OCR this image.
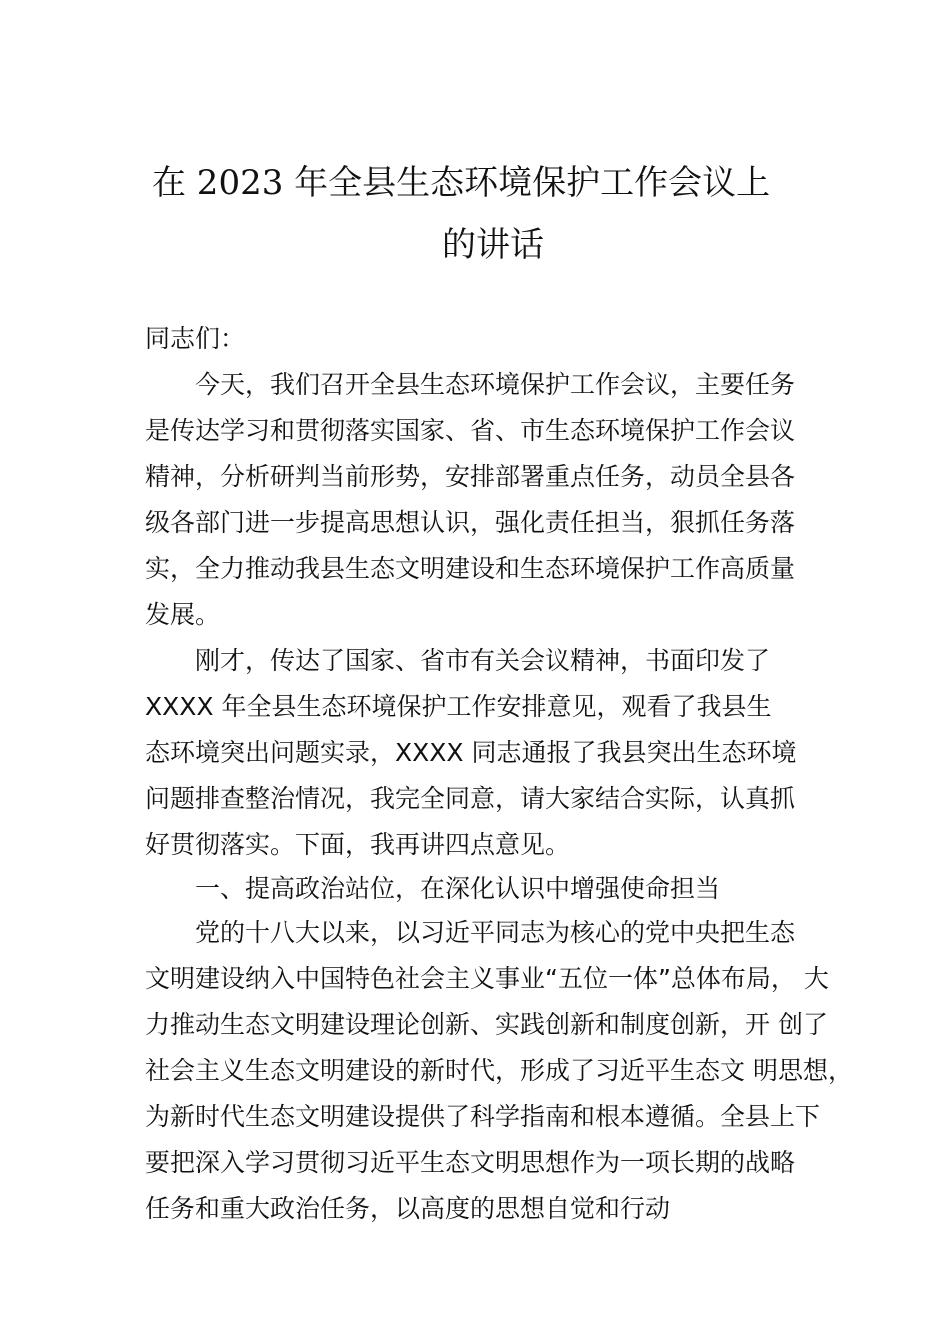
在 2023 年全县生态环境保护工作会议上
的讲话

同志们：

今天，我们召开全县生态环境保护工作会议，主要任务

是传达学习和贯彻落实国家、省、市生态环境保护工作会议

精神，分析研判当前形势，安排部署重点任务，动员全县各

级各部门进一步提高思想认识，强化责任担当，狠抓任务落

实，全力推动我县生态文明建设和生态环境保护工作高质量

发展。

刚才，传达了国家、省市有关会议精神，书面印发了

XXXX 年全县生态环境保护工作安排意见，观看了我县生

态环境突出问题实录，XXXX 同志通报了我县突出生态环境

问题排查整治情况，我完全同意，请大家结合实际，认真抓

好贯彻落实。下面，我再讲四点意见。

一、提高政治站位，在深化认识中增强使命担当

党的十八大以来，以习近平同志为核心的党中央把生态

文明建设纳入中国特色社会主义事业“五位一体”总体布局， 大

力推动生态文明建设理论创新、实践创新和制度创新，开 创了

社会主义生态文明建设的新时代，形成了习近平生态文 明思想，

为新时代生态文明建设提供了科学指南和根本遵循。全县上下

要把深入学习贯彻习近平生态文明思想作为一项长期的战略

任务和重大政治任务，以高度的思想自觉和行动
